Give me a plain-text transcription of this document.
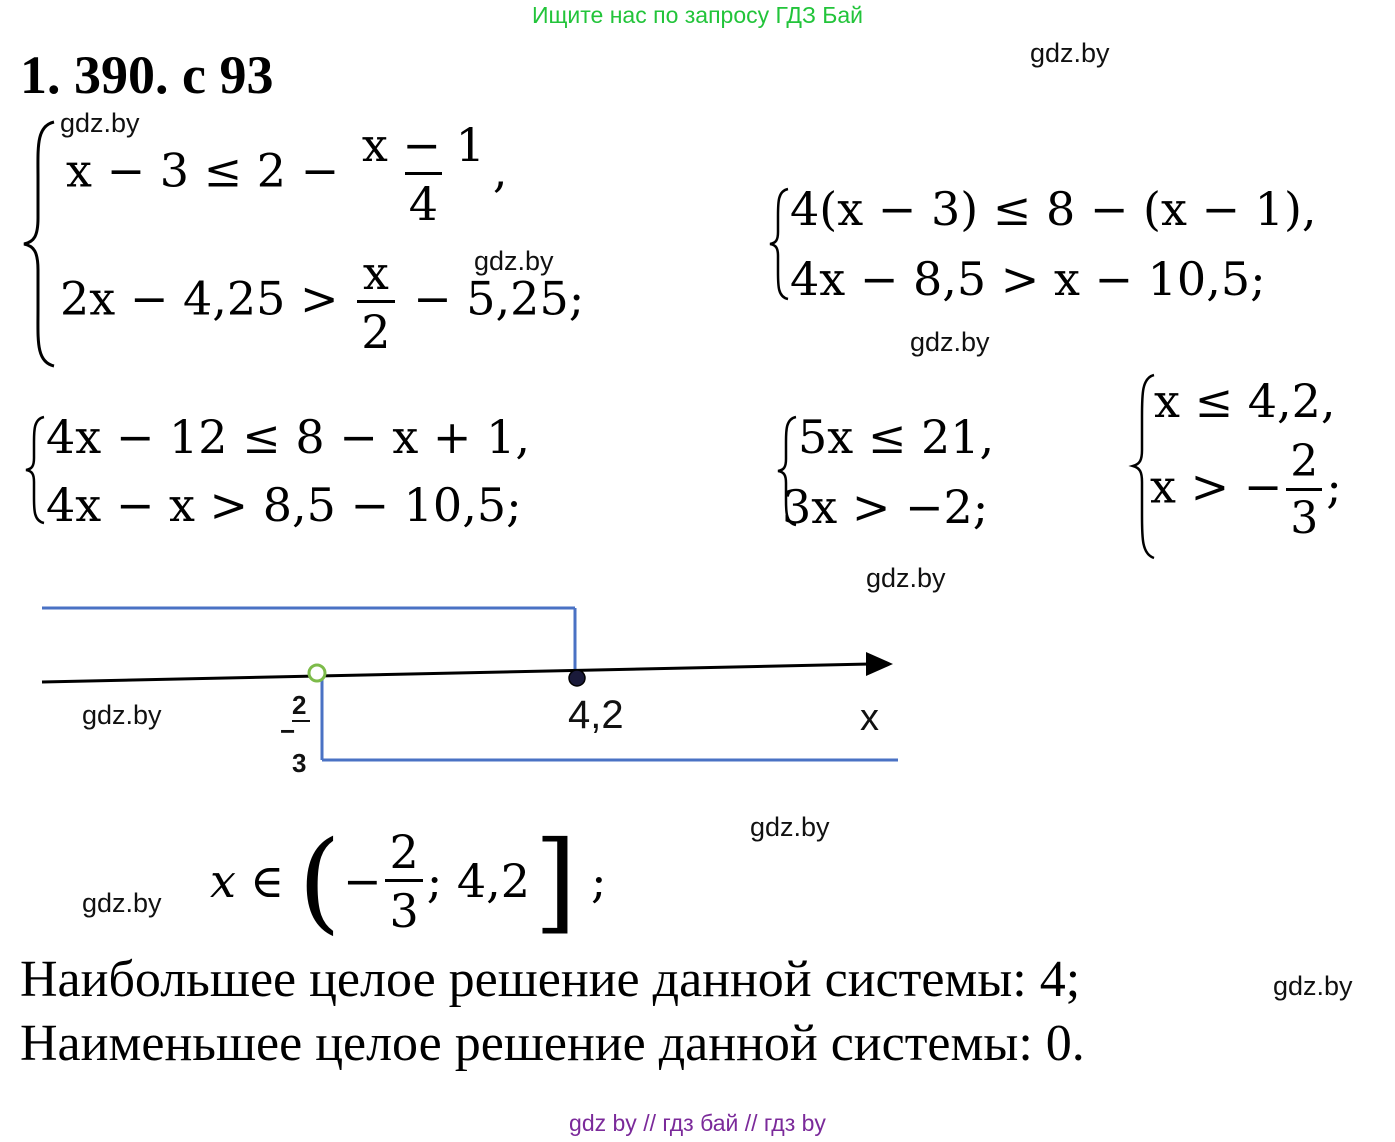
Ищите нас по запросу ГДЗ Бай
1. 390. с 93	gdz.by
gdz.by
gdz.by
gdz.by
gdz.by
gdz.by
gdz.by
gdz.by
gdz.by
$x - 3 \le 2 - \frac{x - 1}{4}$ ,
$2x - 4,25 > \frac{x}{2} - 5,25$;
4(x − 3) ≤ 8 − (x − 1),
4x − 8,5 > x − 10,5;
4x − 12 ≤ 8 − x + 1,
4x − x > 8,5 − 10,5;
5x ≤ 21,
3x > −2;
x ≤ 4,2,
x > − $\frac{2}{3}$ ;
2
−
3
4,2	x
x ∈ ( − $\frac{2}{3}$ ; 4,2 ] ;
Наибольшее целое решение данной системы: 4;
Наименьшее целое решение данной системы: 0.
gdz by // гдз бай // гдз by
